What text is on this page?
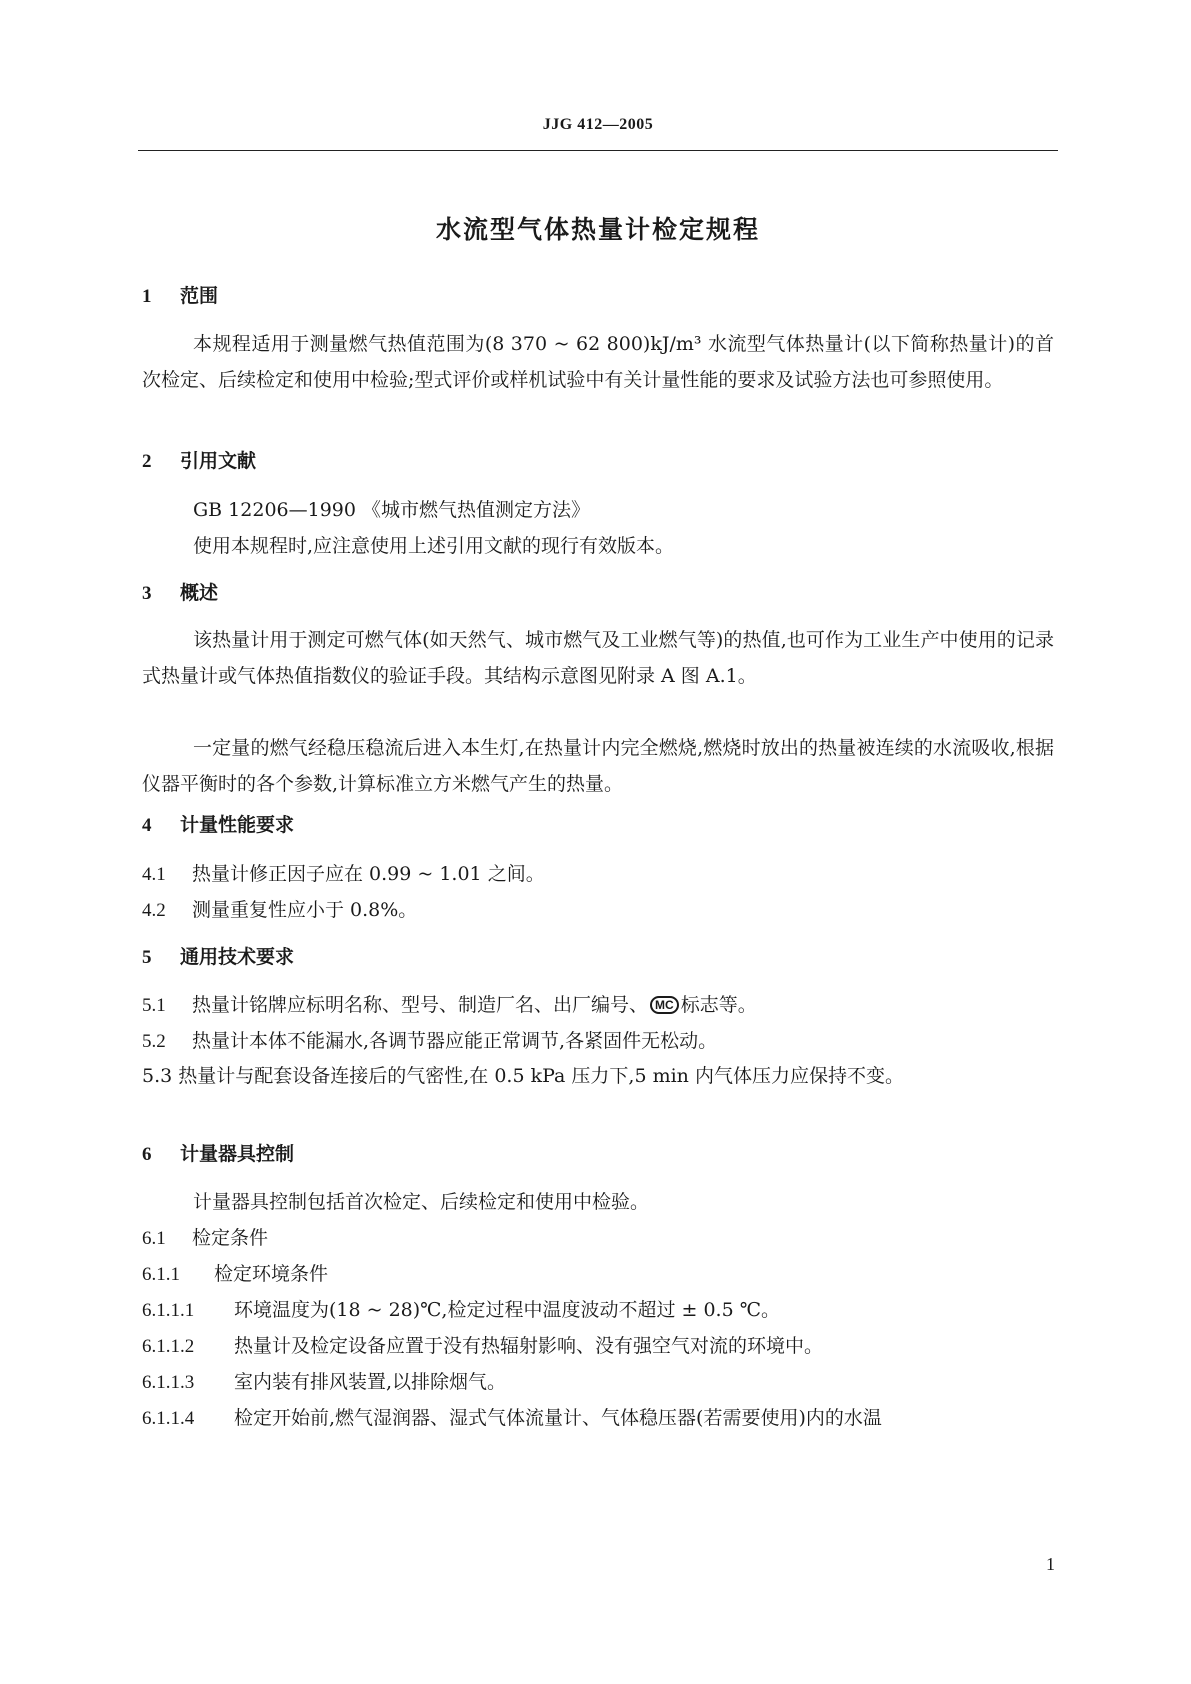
JJG 412—2005
水流型气体热量计检定规程
1 范围

本规程适用于测量燃气热值范围为(8 370 ~ 62 800)kJ/m³ 水流型气体热量计(以下简称热量计)的首次检定、后续检定和使用中检验;型式评价或样机试验中有关计量性能的要求及试验方法也可参照使用。

2 引用文献
GB 12206—1990 《城市燃气热值测定方法》
使用本规程时,应注意使用上述引用文献的现行有效版本。
3 概述

该热量计用于测定可燃气体(如天然气、城市燃气及工业燃气等)的热值,也可作为工业生产中使用的记录式热量计或气体热值指数仪的验证手段。其结构示意图见附录 A 图 A.1。

一定量的燃气经稳压稳流后进入本生灯,在热量计内完全燃烧,燃烧时放出的热量被连续的水流吸收,根据仪器平衡时的各个参数,计算标准立方米燃气产生的热量。

4 计量性能要求
4.1 热量计修正因子应在 0.99 ~ 1.01 之间。
4.2 测量重复性应小于 0.8%。
5 通用技术要求
5.1 热量计铭牌应标明名称、型号、制造厂名、出厂编号、 MC 标志等。
5.2 热量计本体不能漏水,各调节器应能正常调节,各紧固件无松动。

5.3 热量计与配套设备连接后的气密性,在 0.5 kPa 压力下,5 min 内气体压力应保持不变。

6 计量器具控制
计量器具控制包括首次检定、后续检定和使用中检验。
6.1 检定条件
6.1.1 检定环境条件
6.1.1.1 环境温度为(18 ~ 28)℃,检定过程中温度波动不超过 ± 0.5 ℃。
6.1.1.2 热量计及检定设备应置于没有热辐射影响、没有强空气对流的环境中。
6.1.1.3 室内装有排风装置,以排除烟气。
6.1.1.4 检定开始前,燃气湿润器、湿式气体流量计、气体稳压器(若需要使用)内的水温
1
